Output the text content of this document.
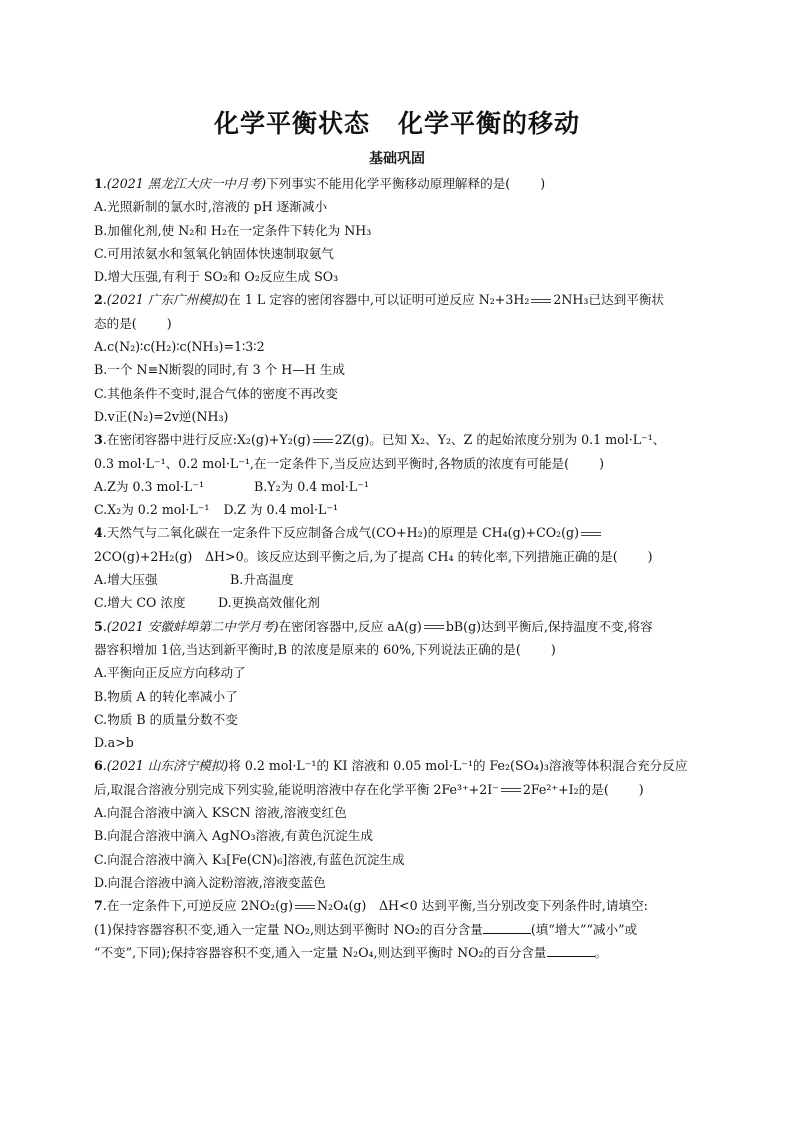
化学平衡状态 化学平衡的移动
基础巩固
1.(2021 黑龙江大庆一中月考)下列事实不能用化学平衡移动原理解释的是( )
A.光照新制的氯水时,溶液的 pH 逐渐减小
B.加催化剂,使 N₂和 H₂在一定条件下转化为 NH₃
C.可用浓氨水和氢氧化钠固体快速制取氨气
D.增大压强,有利于 SO₂和 O₂反应生成 SO₃
2.(2021 广东广州模拟)在 1 L 定容的密闭容器中,可以证明可逆反应 N₂+3H₂ 2NH₃已达到平衡状
态的是( )
A.c(N₂)∶c(H₂)∶c(NH₃)=1∶3∶2
B.一个 N≡N断裂的同时,有 3 个 H—H 生成
C.其他条件不变时,混合气体的密度不再改变
D.v正(N₂)=2v逆(NH₃)
3.在密闭容器中进行反应:X₂(g)+Y₂(g) 2Z(g)。已知 X₂、Y₂、Z 的起始浓度分别为 0.1 mol·L⁻¹、
0.3 mol·L⁻¹、0.2 mol·L⁻¹,在一定条件下,当反应达到平衡时,各物质的浓度有可能是( )
A.Z为 0.3 mol·L⁻¹	B.Y₂为 0.4 mol·L⁻¹
C.X₂为 0.2 mol·L⁻¹ D.Z 为 0.4 mol·L⁻¹
4.天然气与二氧化碳在一定条件下反应制备合成气(CO+H₂)的原理是 CH₄(g)+CO₂(g)
2CO(g)+2H₂(g)　ΔH>0。该反应达到平衡之后,为了提高 CH₄ 的转化率,下列措施正确的是( )
A.增大压强	B.升高温度
C.增大 CO 浓度	D.更换高效催化剂
5.(2021 安徽蚌埠第二中学月考)在密闭容器中,反应 aA(g) bB(g)达到平衡后,保持温度不变,将容
器容积增加 1倍,当达到新平衡时,B 的浓度是原来的 60%,下列说法正确的是( )
A.平衡向正反应方向移动了
B.物质 A 的转化率减小了
C.物质 B 的质量分数不变
D.a>b
6.(2021 山东济宁模拟)将 0.2 mol·L⁻¹的 KI 溶液和 0.05 mol·L⁻¹的 Fe₂(SO₄)₃溶液等体积混合充分反应
后,取混合溶液分别完成下列实验,能说明溶液中存在化学平衡 2Fe³⁺+2I⁻ 2Fe²⁺+I₂的是( )
A.向混合溶液中滴入 KSCN 溶液,溶液变红色
B.向混合溶液中滴入 AgNO₃溶液,有黄色沉淀生成
C.向混合溶液中滴入 K₃[Fe(CN)₆]溶液,有蓝色沉淀生成
D.向混合溶液中滴入淀粉溶液,溶液变蓝色
7.在一定条件下,可逆反应 2NO₂(g) N₂O₄(g)　ΔH<0 达到平衡,当分别改变下列条件时,请填空:
(1)保持容器容积不变,通入一定量 NO₂,则达到平衡时 NO₂的百分含量	(填“增大”“减小”或
“不变”,下同);保持容器容积不变,通入一定量 N₂O₄,则达到平衡时 NO₂的百分含量	。
